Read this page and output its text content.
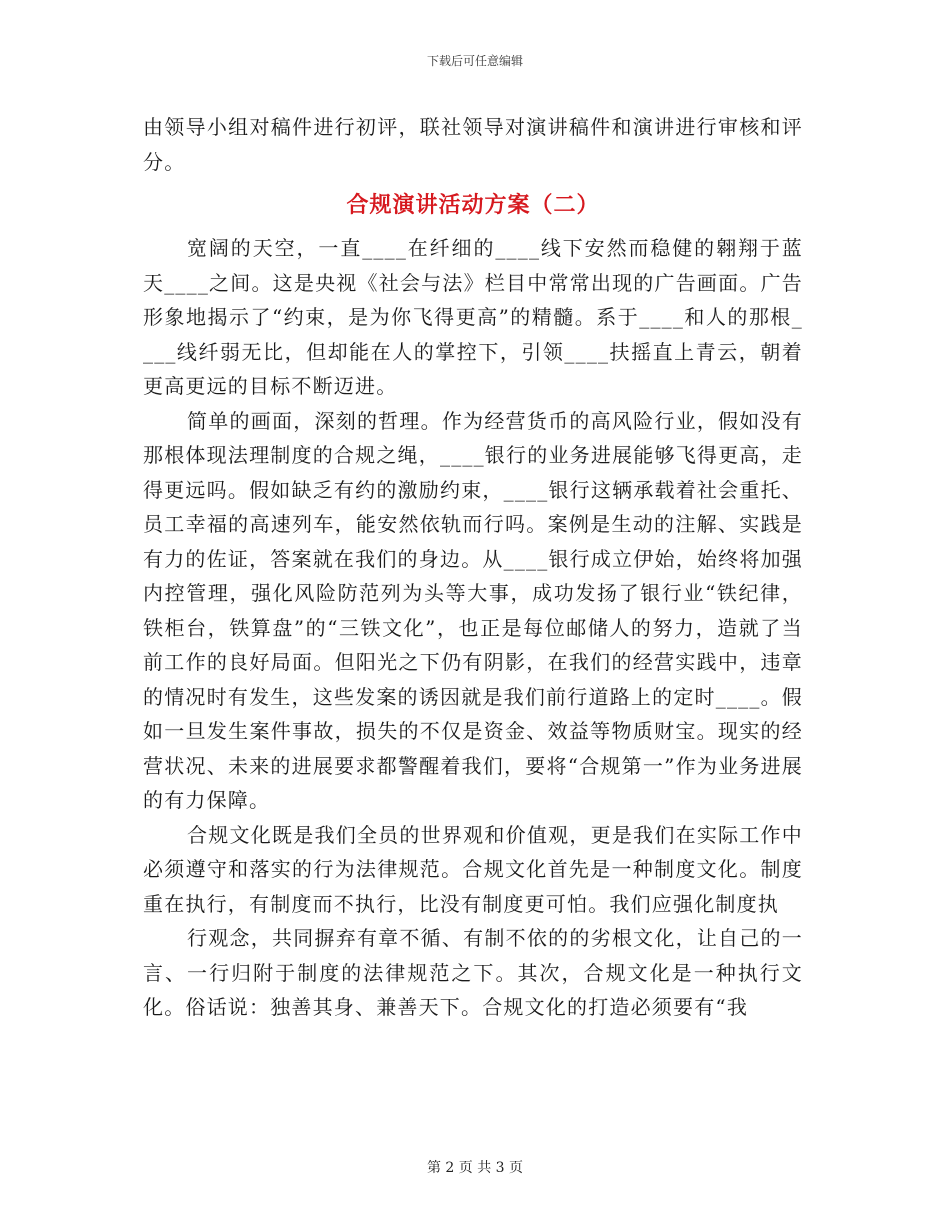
下载后可任意编辑

由领导小组对稿件进行初评，联社领导对演讲稿件和演讲进行审核和评分。

合规演讲活动方案（二）

宽阔的天空，一直____在纤细的____线下安然而稳健的翱翔于蓝天____之间。这是央视《社会与法》栏目中常常出现的广告画面。广告形象地揭示了“约束，是为你飞得更高”的精髓。系于____和人的那根____线纤弱无比，但却能在人的掌控下，引领____扶摇直上青云，朝着更高更远的目标不断迈进。

简单的画面，深刻的哲理。作为经营货币的高风险行业，假如没有那根体现法理制度的合规之绳，____银行的业务进展能够飞得更高，走得更远吗。假如缺乏有约的激励约束，____银行这辆承载着社会重托、员工幸福的高速列车，能安然依轨而行吗。案例是生动的注解、实践是有力的佐证，答案就在我们的身边。从____银行成立伊始，始终将加强内控管理，强化风险防范列为头等大事，成功发扬了银行业“铁纪律，铁柜台，铁算盘”的“三铁文化”，也正是每位邮储人的努力，造就了当前工作的良好局面。但阳光之下仍有阴影，在我们的经营实践中，违章的情况时有发生，这些发案的诱因就是我们前行道路上的定时____。假如一旦发生案件事故，损失的不仅是资金、效益等物质财宝。现实的经营状况、未来的进展要求都警醒着我们，要将“合规第一”作为业务进展的有力保障。

合规文化既是我们全员的世界观和价值观，更是我们在实际工作中必须遵守和落实的行为法律规范。合规文化首先是一种制度文化。制度重在执行，有制度而不执行，比没有制度更可怕。我们应强化制度执

行观念，共同摒弃有章不循、有制不依的的劣根文化，让自己的一言、一行归附于制度的法律规范之下。其次，合规文化是一种执行文化。俗话说：独善其身、兼善天下。合规文化的打造必须要有“我

第 2 页 共 3 页
